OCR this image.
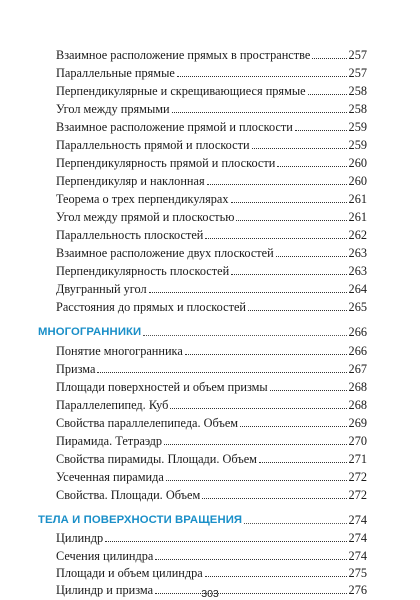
Взаимное расположение прямых в пространстве	257
Параллельные прямые	257
Перпендикулярные и скрещивающиеся прямые	258
Угол между прямыми	258
Взаимное расположение прямой и плоскости	259
Параллельность прямой и плоскости	259
Перпендикулярность прямой и плоскости	260
Перпендикуляр и наклонная	260
Теорема о трех перпендикулярах	261
Угол между прямой и плоскостью	261
Параллельность плоскостей	262
Взаимное расположение двух плоскостей	263
Перпендикулярность плоскостей	263
Двугранный угол	264
Расстояния до прямых и плоскостей	265
МНОГОГРАННИКИ	266
Понятие многогранника	266
Призма	267
Площади поверхностей и объем призмы	268
Параллелепипед. Куб	268
Свойства параллелепипеда. Объем	269
Пирамида. Тетраэдр	270
Свойства пирамиды. Площади. Объем	271
Усеченная пирамида	272
Свойства. Площади. Объем	272
ТЕЛА И ПОВЕРХНОСТИ ВРАЩЕНИЯ	274
Цилиндр	274
Сечения цилиндра	274
Площади и объем цилиндра	275
Цилиндр и призма	276
303
